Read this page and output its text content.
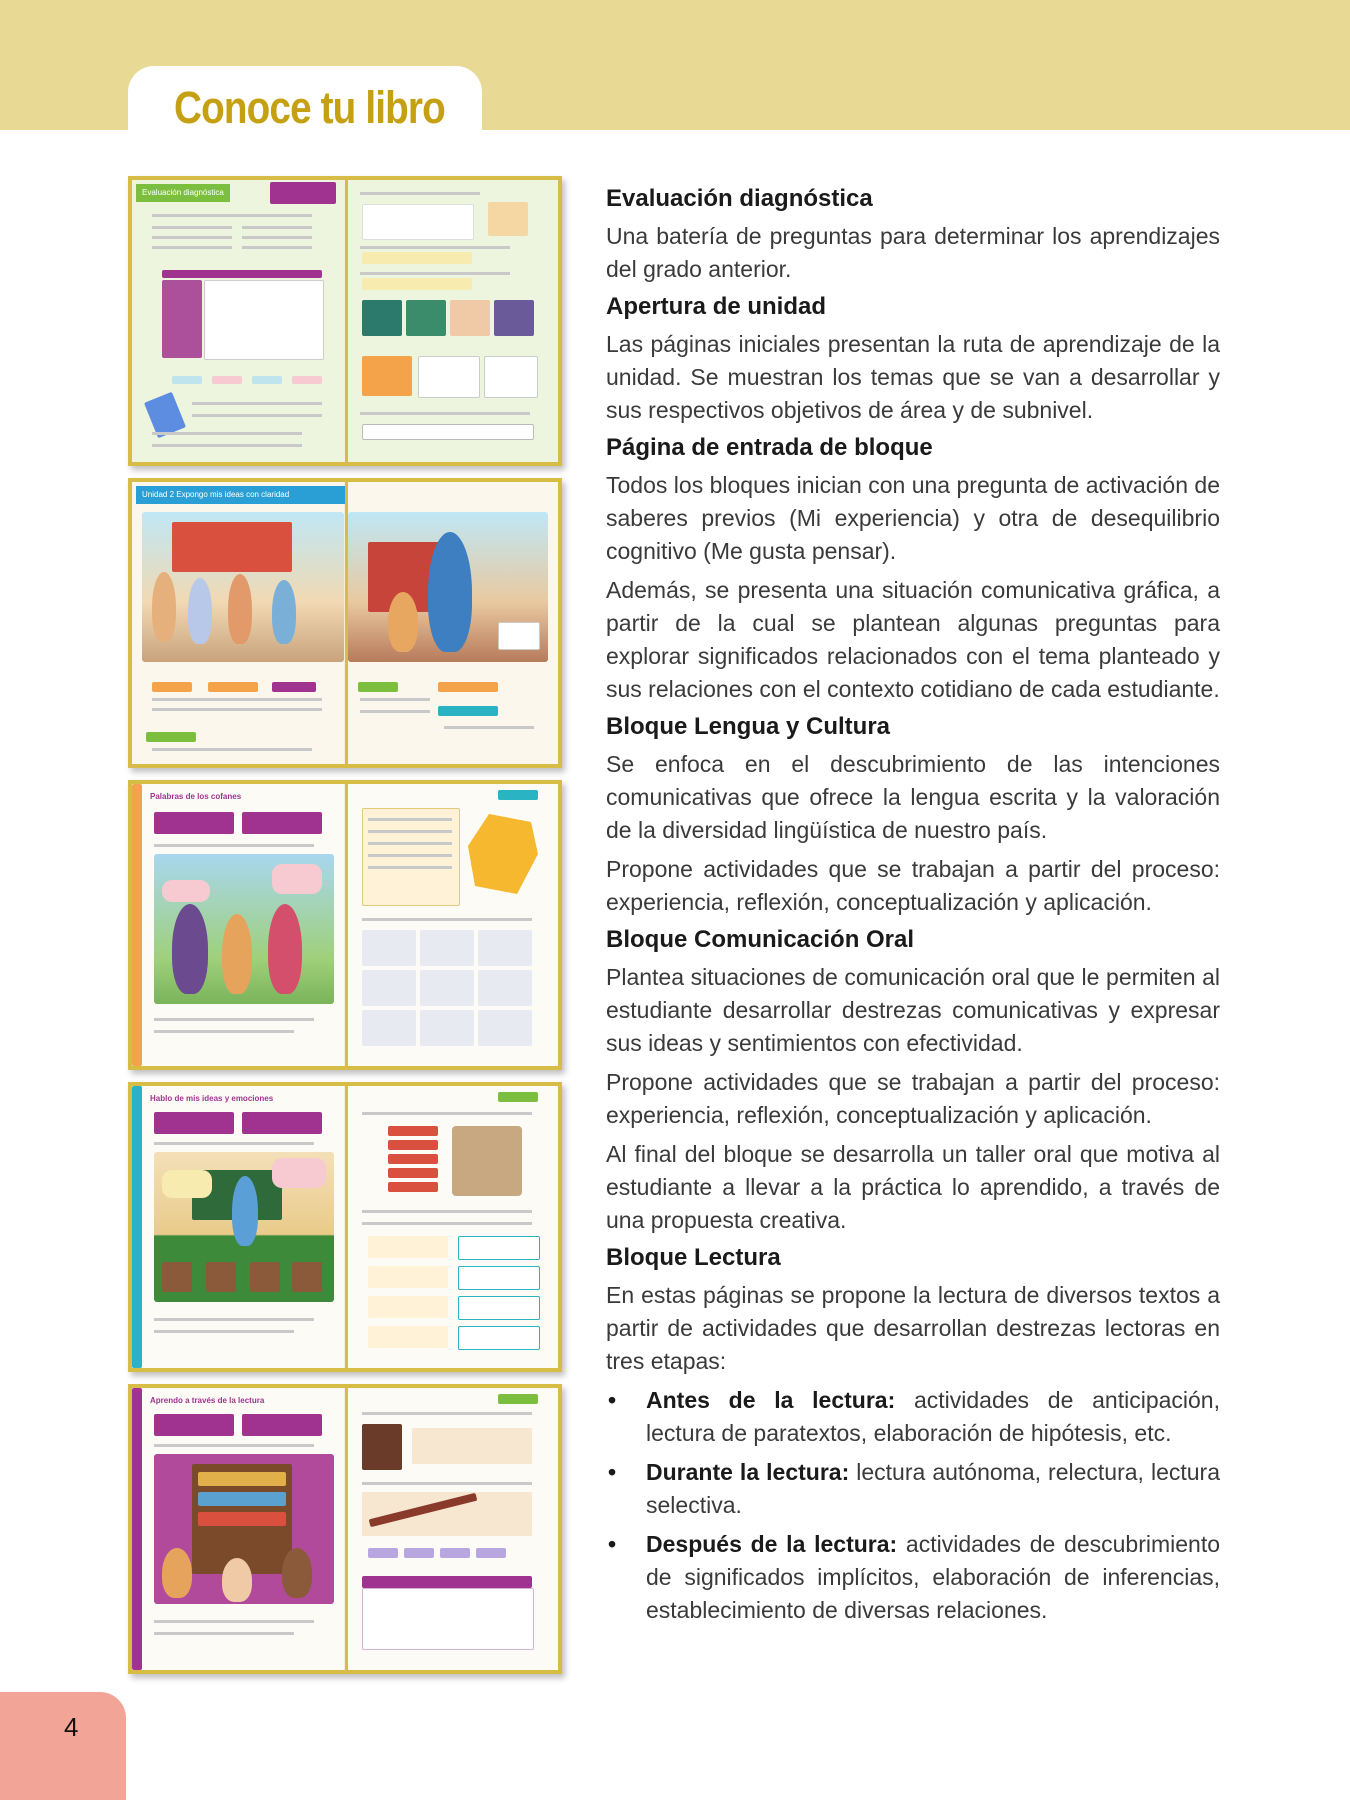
Conoce tu libro
Evaluación diagnóstica
Unidad 2 Expongo mis ideas con claridad
Palabras de los cofanes
Hablo de mis ideas y emociones
Aprendo a través de la lectura
Evaluación diagnóstica
Una batería de preguntas para determinar los aprendizajes del grado anterior.
Apertura de unidad
Las páginas iniciales presentan la ruta de aprendizaje de la unidad. Se muestran los temas que se van a desarrollar y sus respectivos objetivos de área y de subnivel.
Página de entrada de bloque
Todos los bloques inician con una pregunta de activación de saberes previos (Mi experiencia) y otra de desequilibrio cognitivo (Me gusta pensar).
Además, se presenta una situación comunicativa gráfica, a partir de la cual se plantean algunas preguntas para explorar significados relacionados con el tema planteado y sus relaciones con el contexto cotidiano de cada estudiante.
Bloque Lengua y Cultura
Se enfoca en el descubrimiento de las intenciones comunicativas que ofrece la lengua escrita y la valoración de la diversidad lingüística de nuestro país.
Propone actividades que se trabajan a partir del proceso: experiencia, reflexión, conceptualización y aplicación.
Bloque Comunicación Oral
Plantea situaciones de comunicación oral que le permiten al estudiante desarrollar destrezas comunicativas y expresar sus ideas y sentimientos con efectividad.
Propone actividades que se trabajan a partir del proceso: experiencia, reflexión, conceptualización y aplicación.
Al final del bloque se desarrolla un taller oral que motiva al estudiante a llevar a la práctica lo aprendido, a través de una propuesta creativa.
Bloque Lectura
En estas páginas se propone la lectura de diversos textos a partir de actividades que desarrollan destrezas lectoras en tres etapas:
• Antes de la lectura: actividades de anticipación, lectura de paratextos, elaboración de hipótesis, etc.
• Durante la lectura: lectura autónoma, relectura, lectura selectiva.
• Después de la lectura: actividades de descubrimiento de significados implícitos, elaboración de inferencias, establecimiento de diversas relaciones.
4
